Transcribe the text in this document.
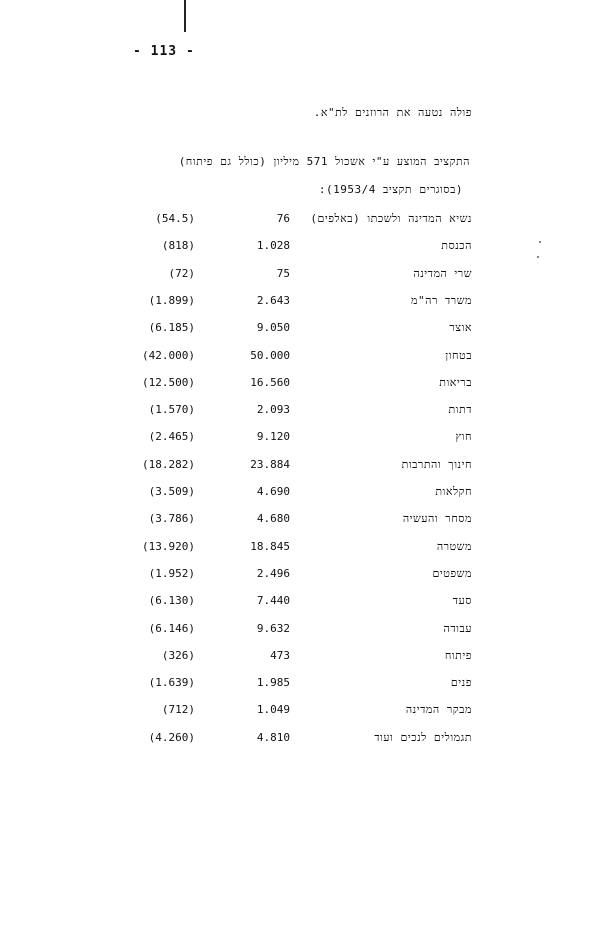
- 113 -
פולה נטעה את הרוזנים לת"א.
התקציב המוצע ע"י אשכול 571 מיליון (כולל גם פיתוח)
(בסוגרים תקציב 1953/4):
(54.5)	76	נשיא המדינה ולשכתו (באלפים)
(818)	1.028	הכנסת
(72)	75	שרי המדינה
(1.899)	2.643	משרד רה"מ
(6.185)	9.050	אוצר
(42.000)	50.000	בטחון
(12.500)	16.560	בריאות
(1.570)	2.093	דתות
(2.465)	9.120	חוץ
(18.282)	23.884	חינוך והתרבות
(3.509)	4.690	חקלאות
(3.786)	4.680	מסחר והעשיה
(13.920)	18.845	משטרה
(1.952)	2.496	משפטים
(6.130)	7.440	סעד
(6.146)	9.632	עבודה
(326)	473	פיתוח
(1.639)	1.985	פנים
(712)	1.049	מבקר המדינה
(4.260)	4.810	תגמולים לנכים ועוד
